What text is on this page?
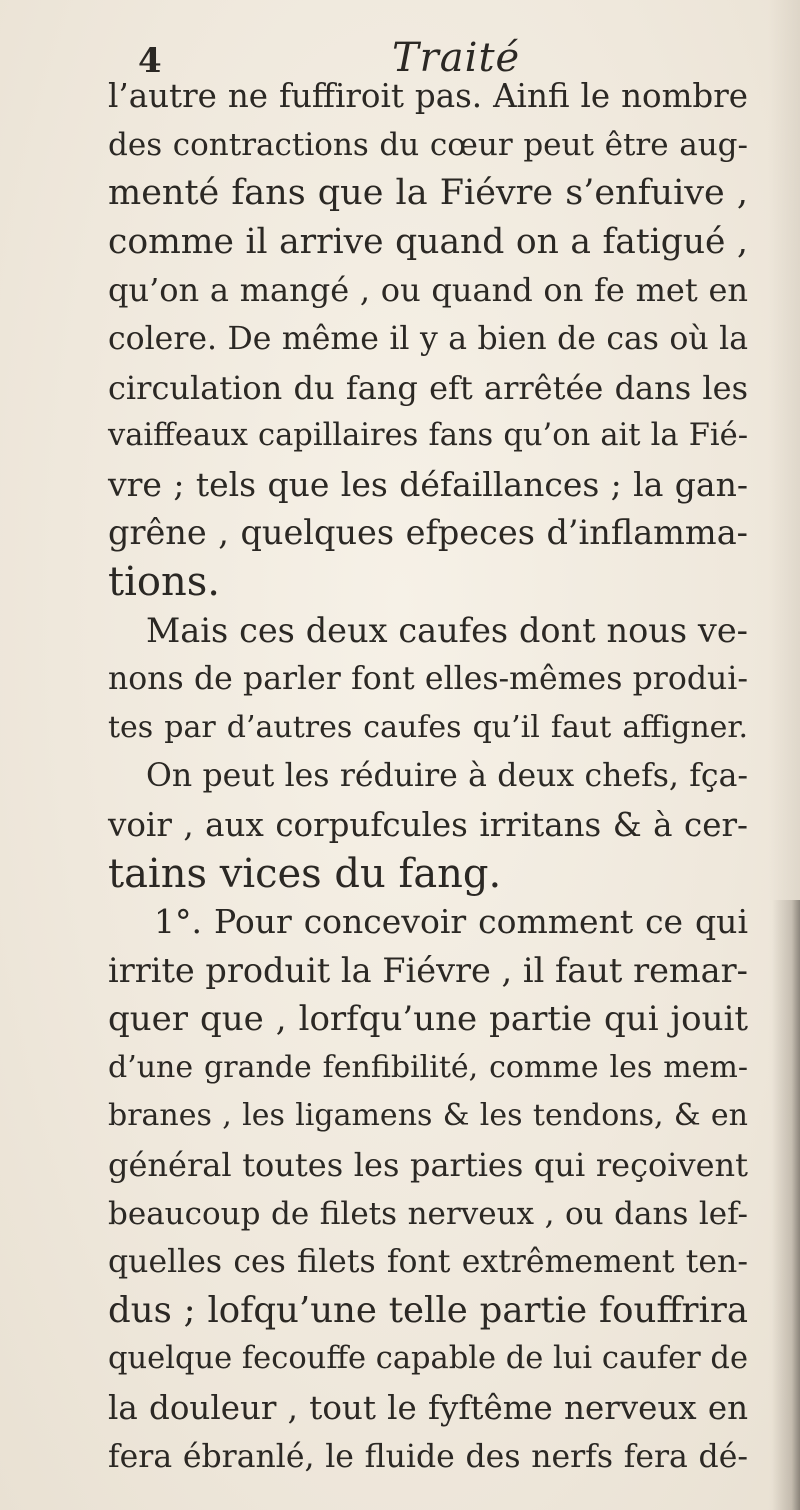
4	Traité
l’autre ne fuffiroit pas. Ainfi le nombre
des contractions du cœur peut être aug-
menté fans que la Fiévre s’enfuive ,
comme il arrive quand on a fatigué ,
qu’on a mangé , ou quand on fe met en
colere. De même il y a bien de cas où la
circulation du fang eft arrêtée dans les
vaiffeaux capillaires fans qu’on ait la Fié-
vre ; tels que les défaillances ; la gan-
grêne , quelques efpeces d’inflamma-
tions.
Mais ces deux caufes dont nous ve-
nons de parler font elles-mêmes produi-
tes par d’autres caufes qu’il faut affigner.
On peut les réduire à deux chefs, fça-
voir , aux corpufcules irritans & à cer-
tains vices du fang.
1°. Pour concevoir comment ce qui
irrite produit la Fiévre , il faut remar-
quer que , lorfqu’une partie qui jouit
d’une grande fenfibilité, comme les mem-
branes , les ligamens & les tendons, & en
général toutes les parties qui reçoivent
beaucoup de filets nerveux , ou dans lef-
quelles ces filets font extrêmement ten-
dus ; lofqu’une telle partie fouffrira
quelque fecouffe capable de lui caufer de
la douleur , tout le fyftême nerveux en
fera ébranlé, le fluide des nerfs fera dé-
